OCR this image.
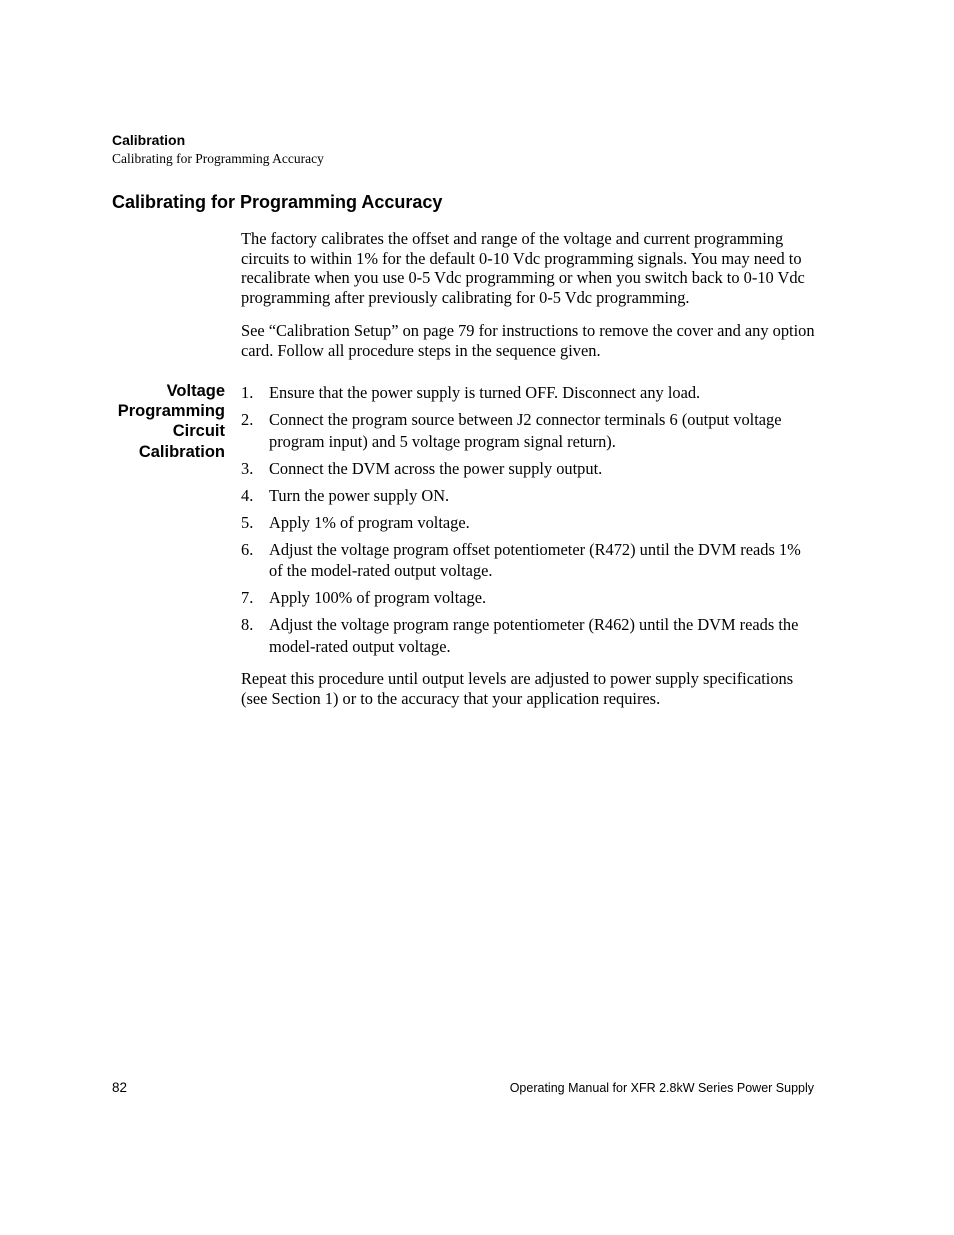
Calibration
Calibrating for Programming Accuracy
Calibrating for Programming Accuracy

The factory calibrates the offset and range of the voltage and current programming circuits to within 1% for the default 0-10 Vdc programming signals. You may need to recalibrate when you use 0-5 Vdc programming or when you switch back to 0-10 Vdc programming after previously calibrating for 0-5 Vdc programming.

See “Calibration Setup” on page 79 for instructions to remove the cover and any option card. Follow all procedure steps in the sequence given.

Voltage
Programming
Circuit
Calibration
1. Ensure that the power supply is turned OFF. Disconnect any load.
2. Connect the program source between J2 connector terminals 6 (output voltage program input) and 5 voltage program signal return).
3. Connect the DVM across the power supply output.
4. Turn the power supply ON.
5. Apply 1% of program voltage.
6. Adjust the voltage program offset potentiometer (R472) until the DVM reads 1% of the model-rated output voltage.
7. Apply 100% of program voltage.
8. Adjust the voltage program range potentiometer (R462) until the DVM reads the model-rated output voltage.

Repeat this procedure until output levels are adjusted to power supply specifications (see Section 1) or to the accuracy that your application requires.

82	Operating Manual for XFR 2.8kW Series Power Supply
